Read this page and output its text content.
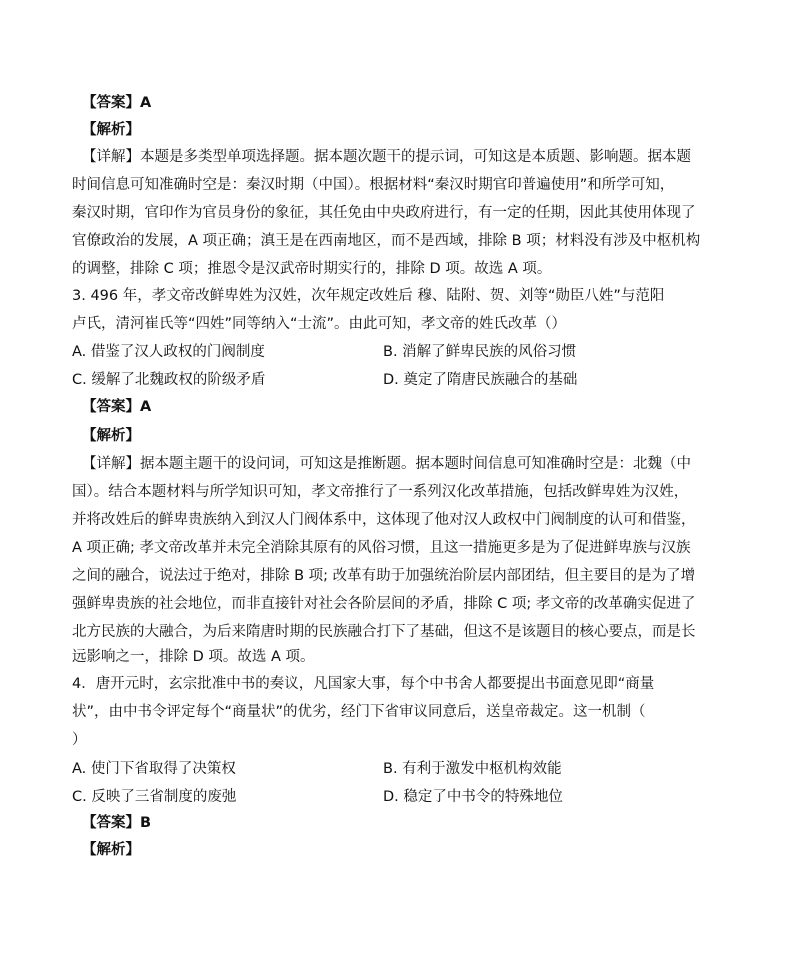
【答案】A
【解析】
【详解】本题是多类型单项选择题。据本题次题干的提示词，可知这是本质题、影响题。据本题
时间信息可知准确时空是：秦汉时期（中国）。根据材料“秦汉时期官印普遍使用”和所学可知，
秦汉时期，官印作为官员身份的象征，其任免由中央政府进行，有一定的任期，因此其使用体现了
官僚政治的发展，A 项正确；滇王是在西南地区，而不是西域，排除 B 项；材料没有涉及中枢机构
的调整，排除 C 项；推恩令是汉武帝时期实行的，排除 D 项。故选 A 项。
3. 496 年，孝文帝改鲜卑姓为汉姓，次年规定改姓后 穆、陆附、贺、刘等“勋臣八姓”与范阳
卢氏，清河崔氏等“四姓”同等纳入“士流”。由此可知，孝文帝的姓氏改革（）
A. 借鉴了汉人政权的门阀制度	B. 消解了鲜卑民族的风俗习惯
C. 缓解了北魏政权的阶级矛盾	D. 奠定了隋唐民族融合的基础
【答案】A
【解析】
【详解】据本题主题干的设问词，可知这是推断题。据本题时间信息可知准确时空是：北魏（中
国）。结合本题材料与所学知识可知，孝文帝推行了一系列汉化改革措施，包括改鲜卑姓为汉姓，
并将改姓后的鲜卑贵族纳入到汉人门阀体系中，这体现了他对汉人政权中门阀制度的认可和借鉴，
A 项正确; 孝文帝改革并未完全消除其原有的风俗习惯，且这一措施更多是为了促进鲜卑族与汉族
之间的融合，说法过于绝对，排除 B 项; 改革有助于加强统治阶层内部团结，但主要目的是为了增
强鲜卑贵族的社会地位，而非直接针对社会各阶层间的矛盾，排除 C 项; 孝文帝的改革确实促进了
北方民族的大融合，为后来隋唐时期的民族融合打下了基础，但这不是该题目的核心要点，而是长
远影响之一，排除 D 项。故选 A 项。
4．唐开元时，玄宗批准中书的奏议，凡国家大事，每个中书舍人都要提出书面意见即“商量
状”，由中书令评定每个“商量状”的优劣，经门下省审议同意后，送皇帝裁定。这一机制（
）
A. 使门下省取得了决策权	B. 有利于激发中枢机构效能
C. 反映了三省制度的废弛	D. 稳定了中书令的特殊地位
【答案】B
【解析】
